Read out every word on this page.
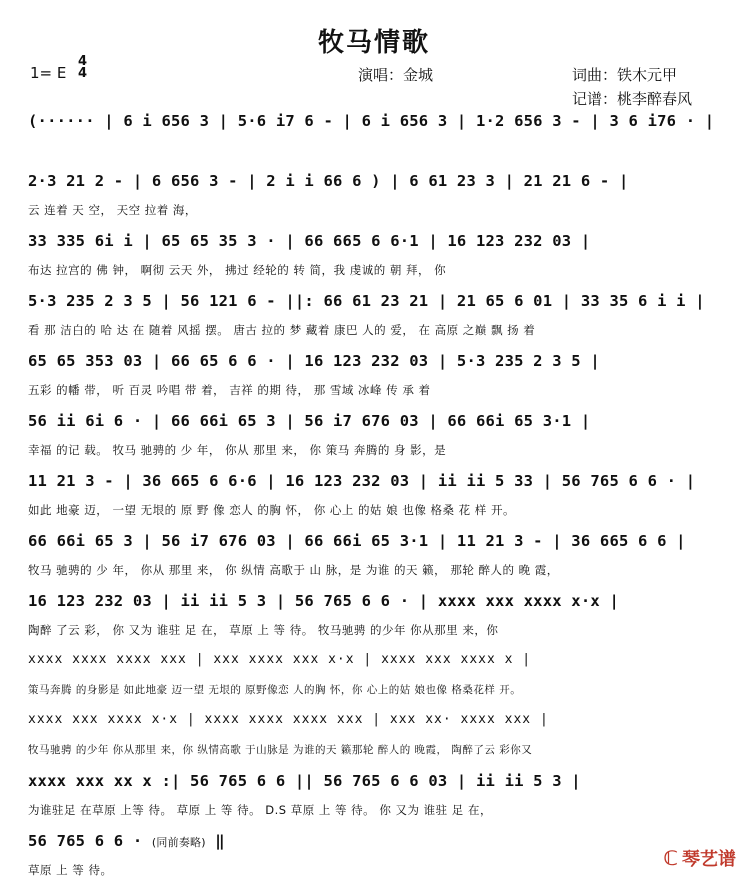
牧马情歌
1= E
4
4	演唱：金城	词曲：铁木元甲
记谱：桃李醉春风
(······ | 6 i 656 3 | 5·6 i7 6 - | 6 i 656 3 | 1·2 656 3 - | 3 6 i76 · |
2·3 21 2 - | 6 656 3 - | 2 i i 66 6 ) | 6 61 23 3 | 21 21 6 - |
云 连着 天 空， 天空 拉着 海，
33 335 6i i | 65 65 35 3 · | 66 665 6 6·1 | 16 123 232 03 |
布达 拉宫的 佛 钟， 啊彻 云天 外， 拂过 经轮的 转 简，我 虔诚的 朝 拜， 你
5·3 235 2 3 5 | 56 121 6 - ||: 66 61 23 21 | 21 65 6 01 | 33 35 6 i i |
看 那 洁白的 哈 达 在 随着 风摇 摆。 唐古 拉的 梦 藏着 康巴 人的 爱， 在 高原 之巅 飘 扬 着
65 65 353 03 | 66 65 6 6 · | 16 123 232 03 | 5·3 235 2 3 5 |
五彩 的幡 带， 听 百灵 吟唱 带 着， 吉祥 的期 待， 那 雪域 冰峰 传 承 着
56 ii 6i 6 · | 66 66i 65 3 | 56 i7 676 03 | 66 66i 65 3·1 |
幸福 的记 载。 牧马 驰骋的 少 年， 你从 那里 来， 你 策马 奔腾的 身 影，是
11 21 3 - | 36 665 6 6·6 | 16 123 232 03 | ii ii 5 33 | 56 765 6 6 · |
如此 地豪 迈， 一望 无垠的 原 野 像 恋人 的胸 怀， 你 心上 的姑 娘 也像 格桑 花 样 开。
66 66i 65 3 | 56 i7 676 03 | 66 66i 65 3·1 | 11 21 3 - | 36 665 6 6 |
牧马 驰骋的 少 年， 你从 那里 来， 你 纵情 高歌于 山 脉，是 为谁 的天 籁， 那轮 醉人的 晚 霞，
16 123 232 03 | ii ii 5 3 | 56 765 6 6 · | xxxx xxx xxxx x·x |
陶醉 了云 彩， 你 又为 谁驻 足 在， 草原 上 等 待。 牧马驰骋 的少年 你从那里 来，你
xxxx xxxx xxxx xxx | xxx xxxx xxx x·x | xxxx xxx xxxx x |
策马奔腾 的身影是 如此地豪 迈一望 无垠的 原野像恋 人的胸 怀，你 心上的姑 娘也像 格桑花样 开。
xxxx xxx xxxx x·x | xxxx xxxx xxxx xxx | xxx xx· xxxx xxx |
牧马驰骋 的少年 你从那里 来，你 纵情高歌 于山脉是 为谁的天 籁那轮 醉人的 晚霞， 陶醉了云 彩你又
xxxx xxx xx x :| 56 765 6 6 || 56 765 6 6 03 | ii ii 5 3 |
为谁驻足 在草原 上等 待。 草原 上 等 待。 D.S 草原 上 等 待。 你 又为 谁驻 足 在，
56 765 6 6 · (同前奏略) ‖
草原 上 等 待。	ℂ 琴艺谱
